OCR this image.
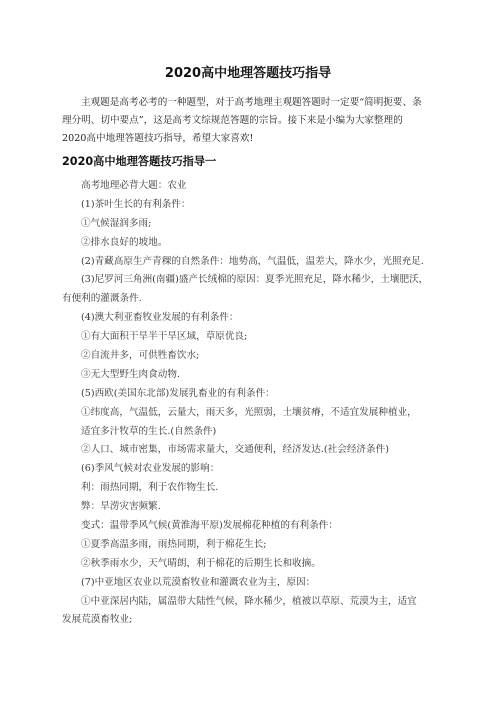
2020高中地理答题技巧指导
主观题是高考必考的一种题型，对于高考地理主观题答题时一定要“简明扼要、条
理分明、切中要点”，这是高考文综规范答题的宗旨。接下来是小编为大家整理的
2020高中地理答题技巧指导，希望大家喜欢!
2020高中地理答题技巧指导一

高考地理必背大题：农业

(1)茶叶生长的有利条件：

①气候湿润多雨;

②排水良好的坡地。

(2)青藏高原生产青稞的自然条件：地势高，气温低，温差大，降水少，光照充足.

(3)尼罗河三角洲(南疆)盛产长绒棉的原因：夏季光照充足，降水稀少，土壤肥沃，

有便利的灌溉条件.

(4)澳大利亚畜牧业发展的有利条件：

①有大面积干旱半干旱区域，草原优良;

②自流井多，可供牲畜饮水;

③无大型野生肉食动物.

(5)西欧(美国东北部)发展乳畜业的有利条件：

①纬度高，气温低，云量大，雨天多，光照弱，土壤贫瘠，不适宜发展种植业，

适宜多汁牧草的生长.(自然条件)

②人口、城市密集，市场需求量大，交通便利，经济发达.(社会经济条件)

(6)季风气候对农业发展的影响：

利：雨热同期，利于农作物生长.

弊：旱涝灾害频繁.

变式：温带季风气候(黄淮海平原)发展棉花种植的有利条件：

①夏季高温多雨，雨热同期，利于棉花生长;

②秋季雨水少，天气晴朗，利于棉花的后期生长和收摘。

(7)中亚地区农业以荒漠畜牧业和灌溉农业为主，原因：

①中亚深居内陆，属温带大陆性气候，降水稀少，植被以草原、荒漠为主，适宜

发展荒漠畜牧业;
